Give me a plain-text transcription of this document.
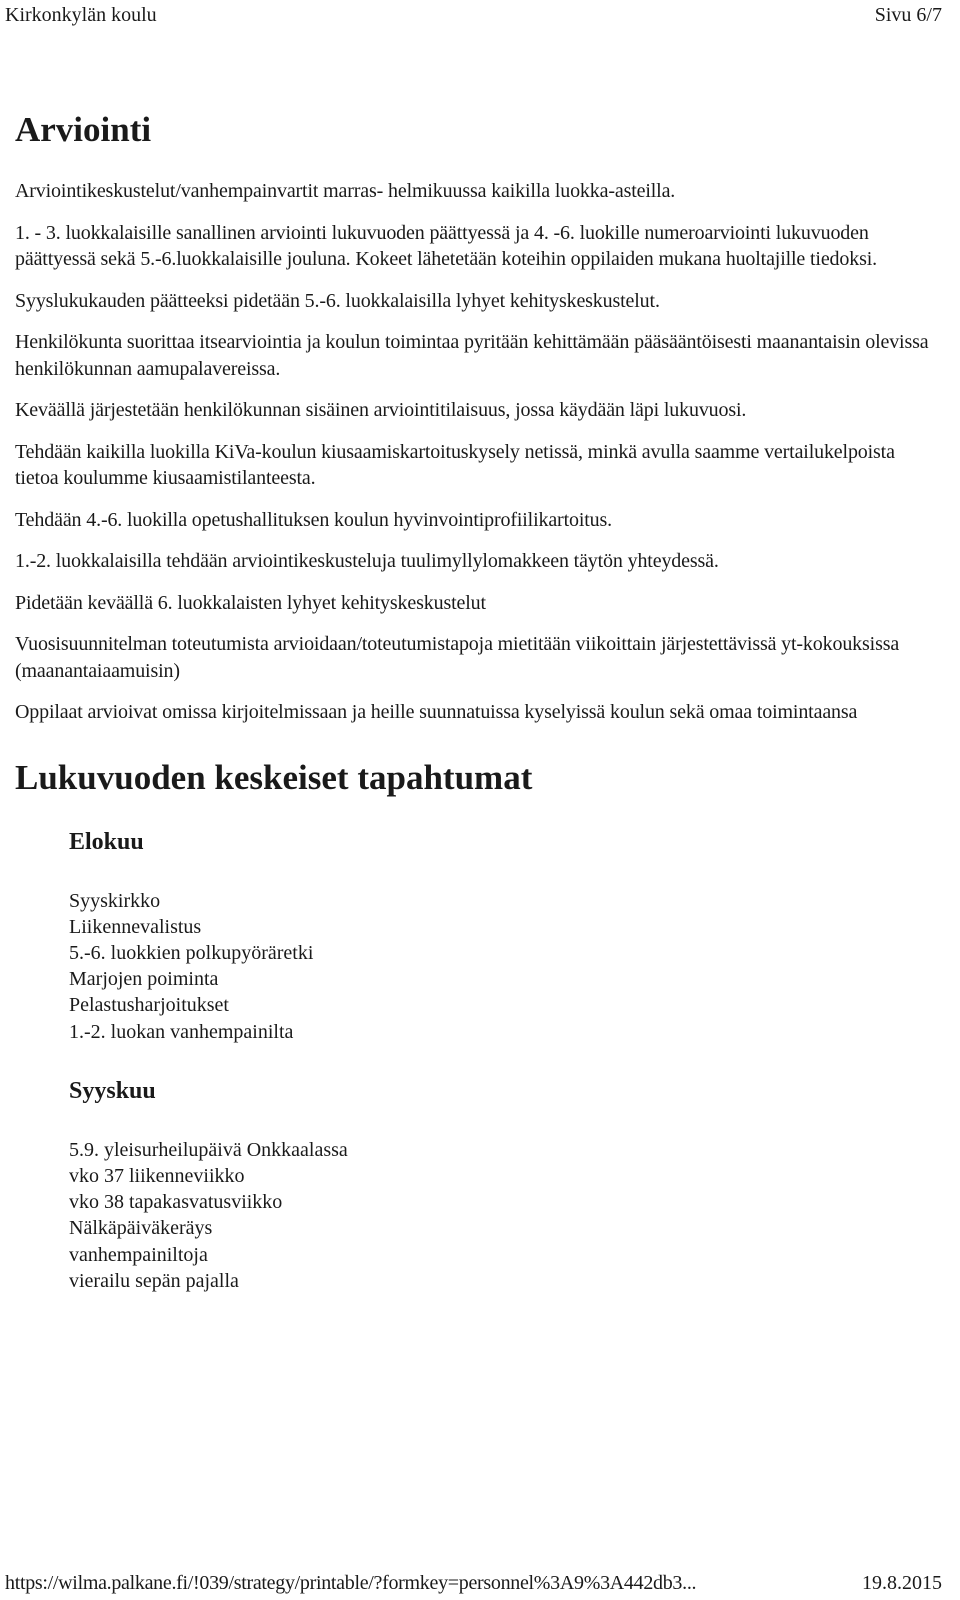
Kirkonkylän koulu	Sivu 6/7
Arviointi

Arviointikeskustelut/vanhempainvartit marras- helmikuussa kaikilla luokka-asteilla.

1. - 3. luokkalaisille sanallinen arviointi lukuvuoden päättyessä ja 4. -6. luokille numeroarviointi lukuvuoden päättyessä sekä 5.-6.luokkalaisille jouluna. Kokeet lähetetään koteihin oppilaiden mukana huoltajille tiedoksi.

Syyslukukauden päätteeksi pidetään 5.-6. luokkalaisilla lyhyet kehityskeskustelut.

Henkilökunta suorittaa itsearviointia ja koulun toimintaa pyritään kehittämään pääsääntöisesti maanantaisin olevissa henkilökunnan aamupalavereissa.

Keväällä järjestetään henkilökunnan sisäinen arviointitilaisuus, jossa käydään läpi lukuvuosi.

Tehdään kaikilla luokilla KiVa-koulun kiusaamiskartoituskysely netissä, minkä avulla saamme vertailukelpoista tietoa koulumme kiusaamistilanteesta.

Tehdään 4.-6. luokilla opetushallituksen koulun hyvinvointiprofiilikartoitus.

1.-2. luokkalaisilla tehdään arviointikeskusteluja tuulimyllylomakkeen täytön yhteydessä.

Pidetään keväällä 6. luokkalaisten lyhyet kehityskeskustelut

Vuosisuunnitelman toteutumista arvioidaan/toteutumistapoja mietitään viikoittain järjestettävissä yt-kokouksissa (maanantaiaamuisin)

Oppilaat arvioivat omissa kirjoitelmissaan ja heille suunnatuissa kyselyissä koulun sekä omaa toimintaansa

Lukuvuoden keskeiset tapahtumat
Elokuu
Syyskirkko
Liikennevalistus
5.-6. luokkien polkupyöräretki
Marjojen poiminta
Pelastusharjoitukset
1.-2. luokan vanhempainilta
Syyskuu
5.9. yleisurheilupäivä Onkkaalassa
vko 37 liikenneviikko
vko 38 tapakasvatusviikko
Nälkäpäiväkeräys
vanhempainiltoja
vierailu sepän pajalla
https://wilma.palkane.fi/!039/strategy/printable/?formkey=personnel%3A9%3A442db3...	19.8.2015
